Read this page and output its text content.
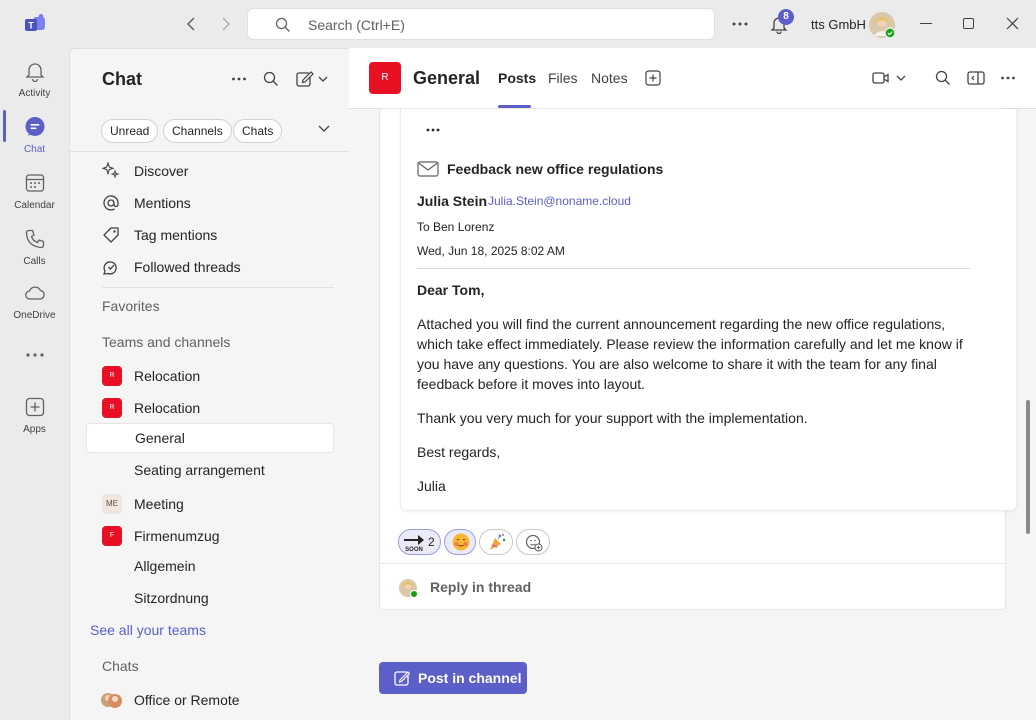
T	Search (Ctrl+E)
8
tts GmbH
Activity
Chat
Calendar
Calls
OneDrive
Apps
Chat
Unread	Channels	Chats
Discover
Mentions
Tag mentions
Followed threads
Favorites
Teams and channels
R	Relocation
R	Relocation
General
Seating arrangement
ME Meeting
F	Firmenumzug
Allgemein
Sitzordnung
See all your teams
Chats
Office or Remote
R	General Posts Files Notes
Feedback new office regulations
Julia Stein Julia.Stein@noname.cloud
To Ben Lorenz
Wed, Jun 18, 2025 8:02 AM
Dear Tom,
Attached you will find the current announcement regarding the new office regulations, which take effect immediately. Please review the information carefully and let me know if you have any questions. You are also welcome to share it with the team for any final feedback before it moves into layout.
Thank you very much for your support with the implementation.
Best regards,
Julia
SOON
2
Reply in thread
Post in channel
